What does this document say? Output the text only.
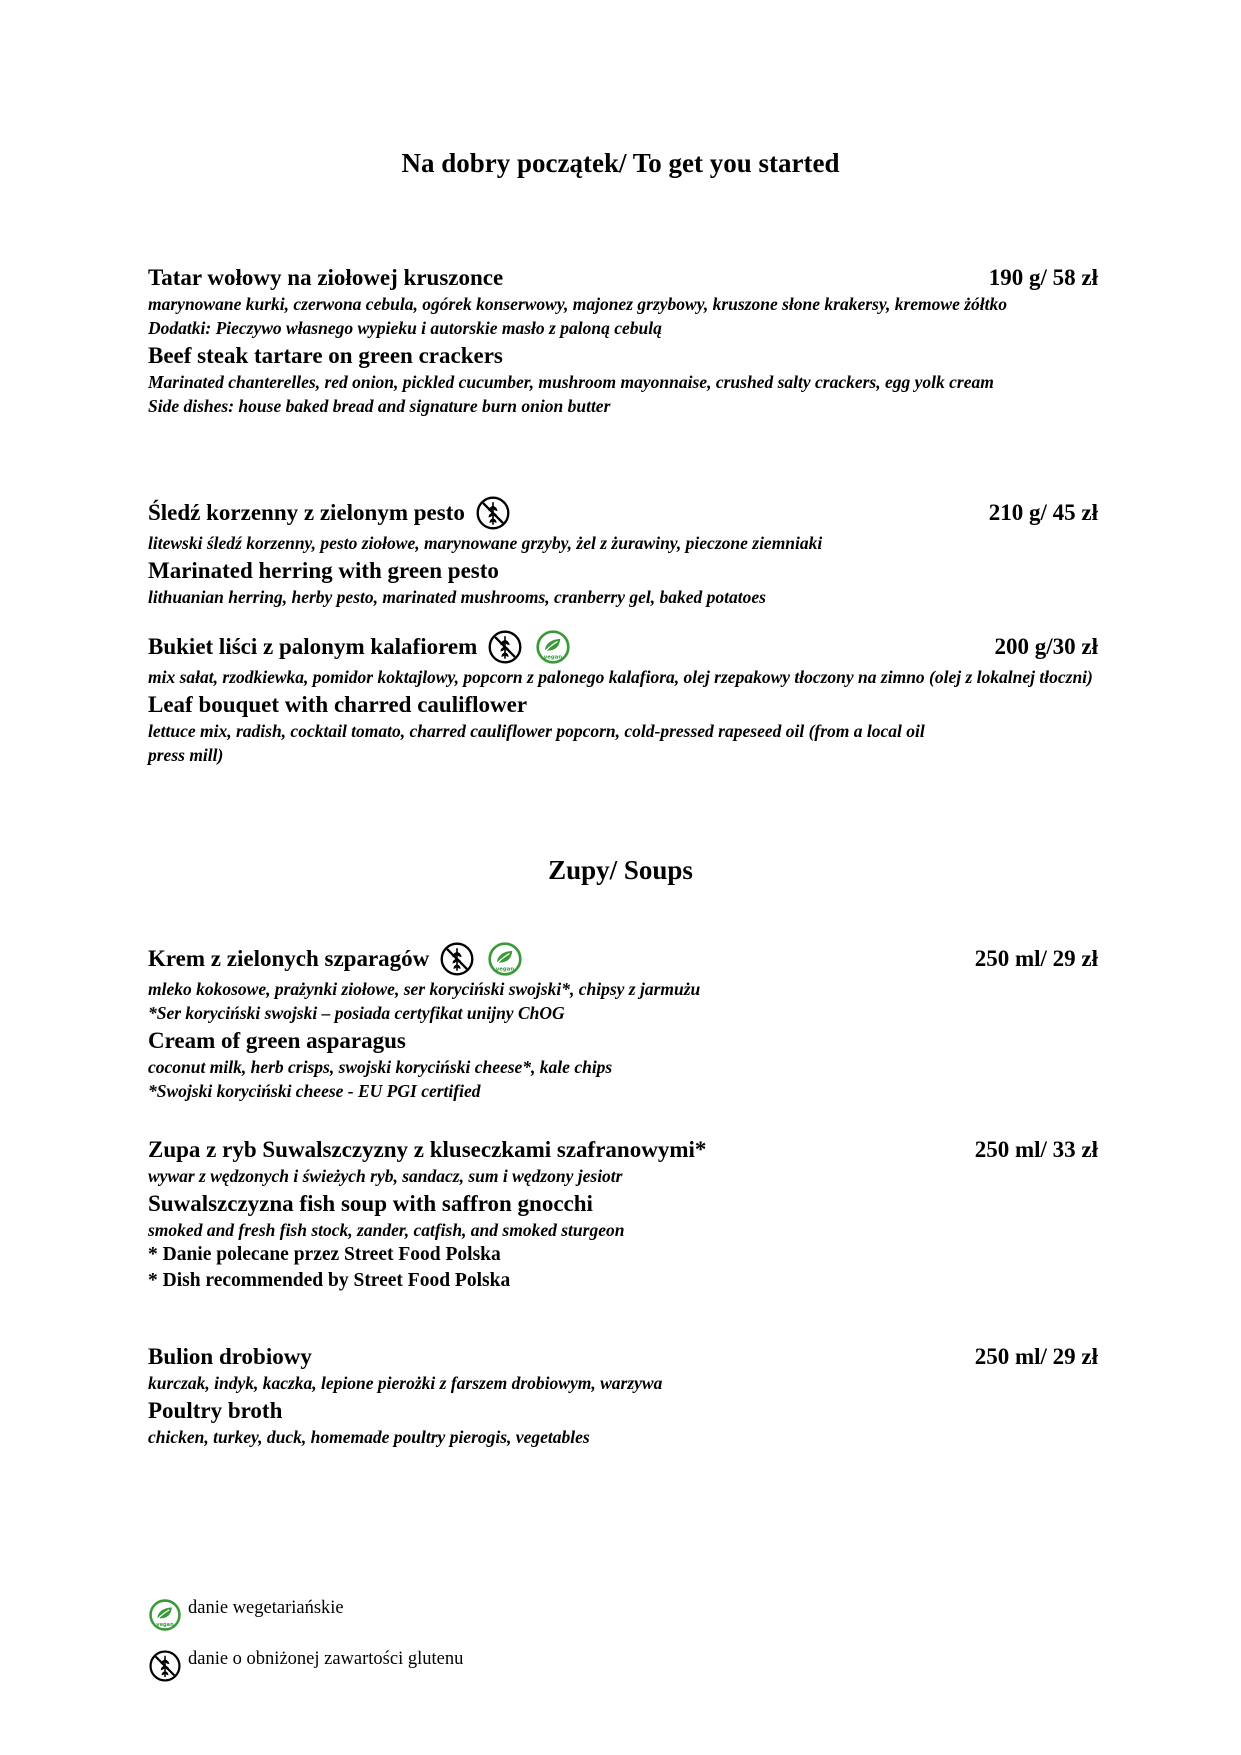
Na dobry początek/ To get you started
Tatar wołowy na ziołowej kruszonce	190 g/ 58 zł

marynowane kurki, czerwona cebula, ogórek konserwowy, majonez grzybowy, kruszone słone krakersy, kremowe żółtko

Dodatki: Pieczywo własnego wypieku i autorskie masło z paloną cebulą

Beef steak tartare on green crackers

Marinated chanterelles, red onion, pickled cucumber, mushroom mayonnaise, crushed salty crackers, egg yolk cream

Side dishes: house baked bread and signature burn onion butter

Śledź korzenny z zielonym pesto	210 g/ 45 zł

litewski śledź korzenny, pesto ziołowe, marynowane grzyby, żel z żurawiny, pieczone ziemniaki

Marinated herring with green pesto

lithuanian herring, herby pesto, marinated mushrooms, cranberry gel, baked potatoes

Bukiet liści z palonym kalafiorem	200 g/30 zł

mix sałat, rzodkiewka, pomidor koktajlowy, popcorn z palonego kalafiora, olej rzepakowy tłoczony na zimno (olej z lokalnej tłoczni)

Leaf bouquet with charred cauliflower

lettuce mix, radish, cocktail tomato, charred cauliflower popcorn, cold-pressed rapeseed oil (from a local oil press mill)

Zupy/ Soups
Krem z zielonych szparagów	250 ml/ 29 zł

mleko kokosowe, prażynki ziołowe, ser koryciński swojski*, chipsy z jarmużu

*Ser koryciński swojski – posiada certyfikat unijny ChOG

Cream of green asparagus

coconut milk, herb crisps, swojski koryciński cheese*, kale chips

*Swojski koryciński cheese - EU PGI certified

Zupa z ryb Suwalszczyzny z kluseczkami szafranowymi*	250 ml/ 33 zł

wywar z wędzonych i świeżych ryb, sandacz, sum i wędzony jesiotr

Suwalszczyzna fish soup with saffron gnocchi

smoked and fresh fish stock, zander, catfish, and smoked sturgeon

* Danie polecane przez Street Food Polska
* Dish recommended by Street Food Polska
Bulion drobiowy	250 ml/ 29 zł

kurczak, indyk, kaczka, lepione pierożki z farszem drobiowym, warzywa

Poultry broth

chicken, turkey, duck, homemade poultry pierogis, vegetables

danie wegetariańskie
danie o obniżonej zawartości glutenu
